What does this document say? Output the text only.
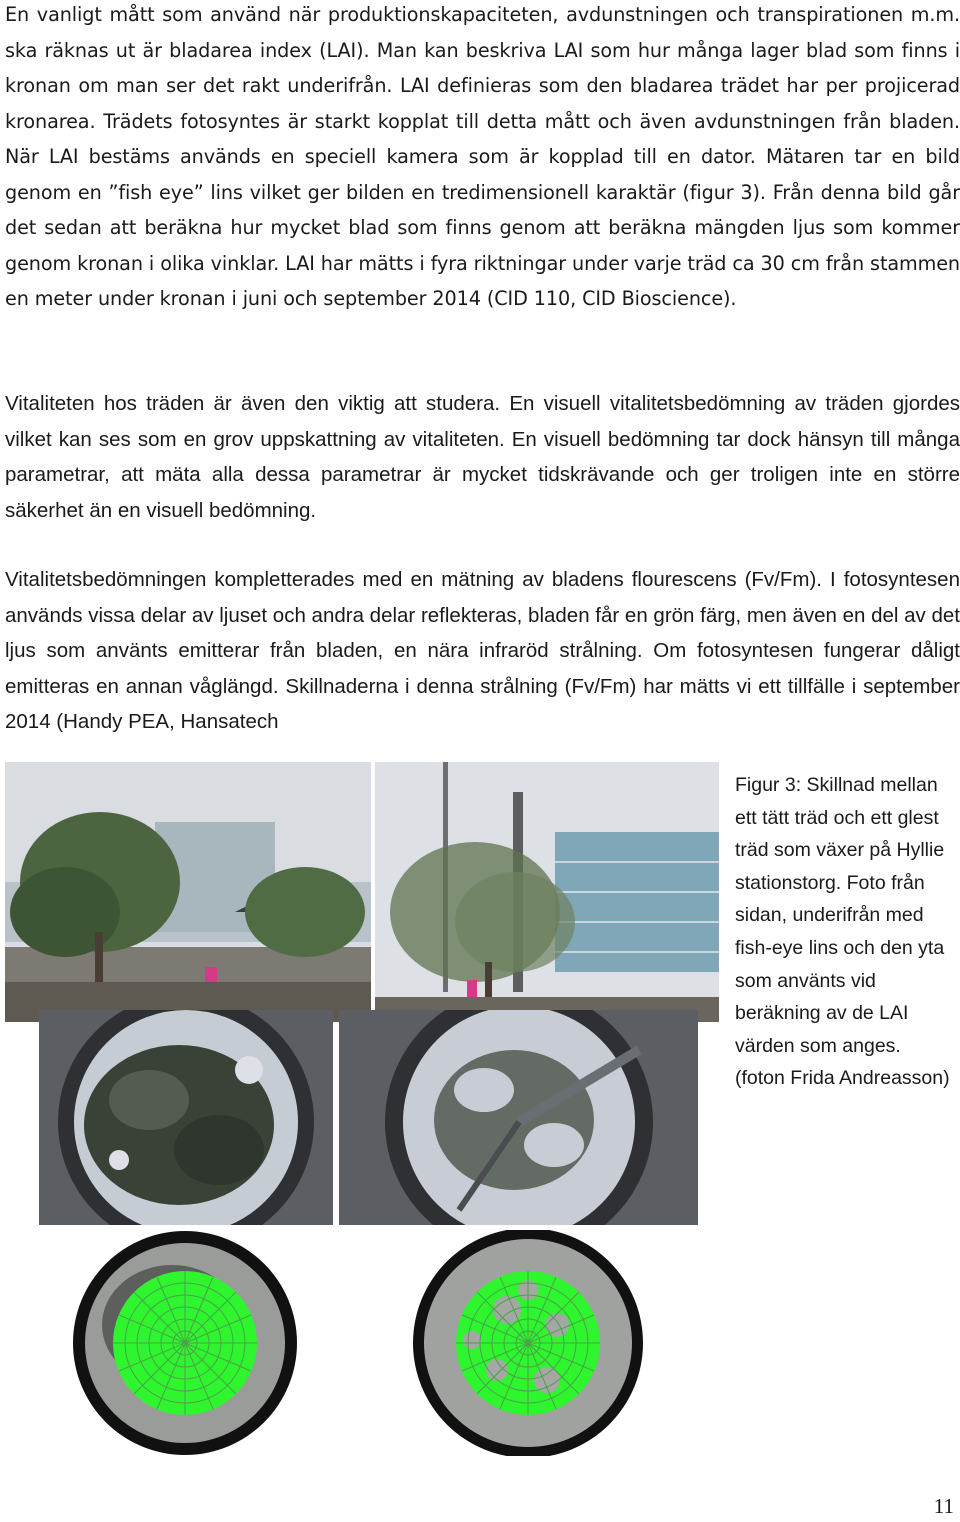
En vanligt mått som använd när produktionskapaciteten, avdunstningen och transpirationen m.m. ska räknas ut är bladarea index (LAI). Man kan beskriva LAI som hur många lager blad som finns i kronan om man ser det rakt underifrån. LAI definieras som den bladarea trädet har per projicerad kronarea. Trädets fotosyntes är starkt kopplat till detta mått och även avdunstningen från bladen. När LAI bestäms används en speciell kamera som är kopplad till en dator. Mätaren tar en bild genom en ”fish eye” lins vilket ger bilden en tredimensionell karaktär (figur 3). Från denna bild går det sedan att beräkna hur mycket blad som finns genom att beräkna mängden ljus som kommer genom kronan i olika vinklar. LAI har mätts i fyra riktningar under varje träd ca 30 cm från stammen en meter under kronan i juni och september 2014 (CID 110, CID Bioscience).

Vitaliteten hos träden är även den viktig att studera. En visuell vitalitetsbedömning av träden gjordes vilket kan ses som en grov uppskattning av vitaliteten. En visuell bedömning tar dock hänsyn till många parametrar, att mäta alla dessa parametrar är mycket tidskrävande och ger troligen inte en större säkerhet än en visuell bedömning.

Vitalitetsbedömningen kompletterades med en mätning av bladens flourescens (Fv/Fm). I fotosyntesen används vissa delar av ljuset och andra delar reflekteras, bladen får en grön färg, men även en del av det ljus som använts emitterar från bladen, en nära infraröd strålning. Om fotosyntesen fungerar dåligt emitteras en annan våglängd. Skillnaderna i denna strålning (Fv/Fm) har mätts vi ett tillfälle i september 2014 (Handy PEA, Hansatech

Figur 3: Skillnad mellan ett tätt träd och ett glest träd som växer på Hyllie stationstorg. Foto från sidan, underifrån med fish-eye lins och den yta som använts vid beräkning av de LAI värden som anges. (foton Frida Andreasson)

11
